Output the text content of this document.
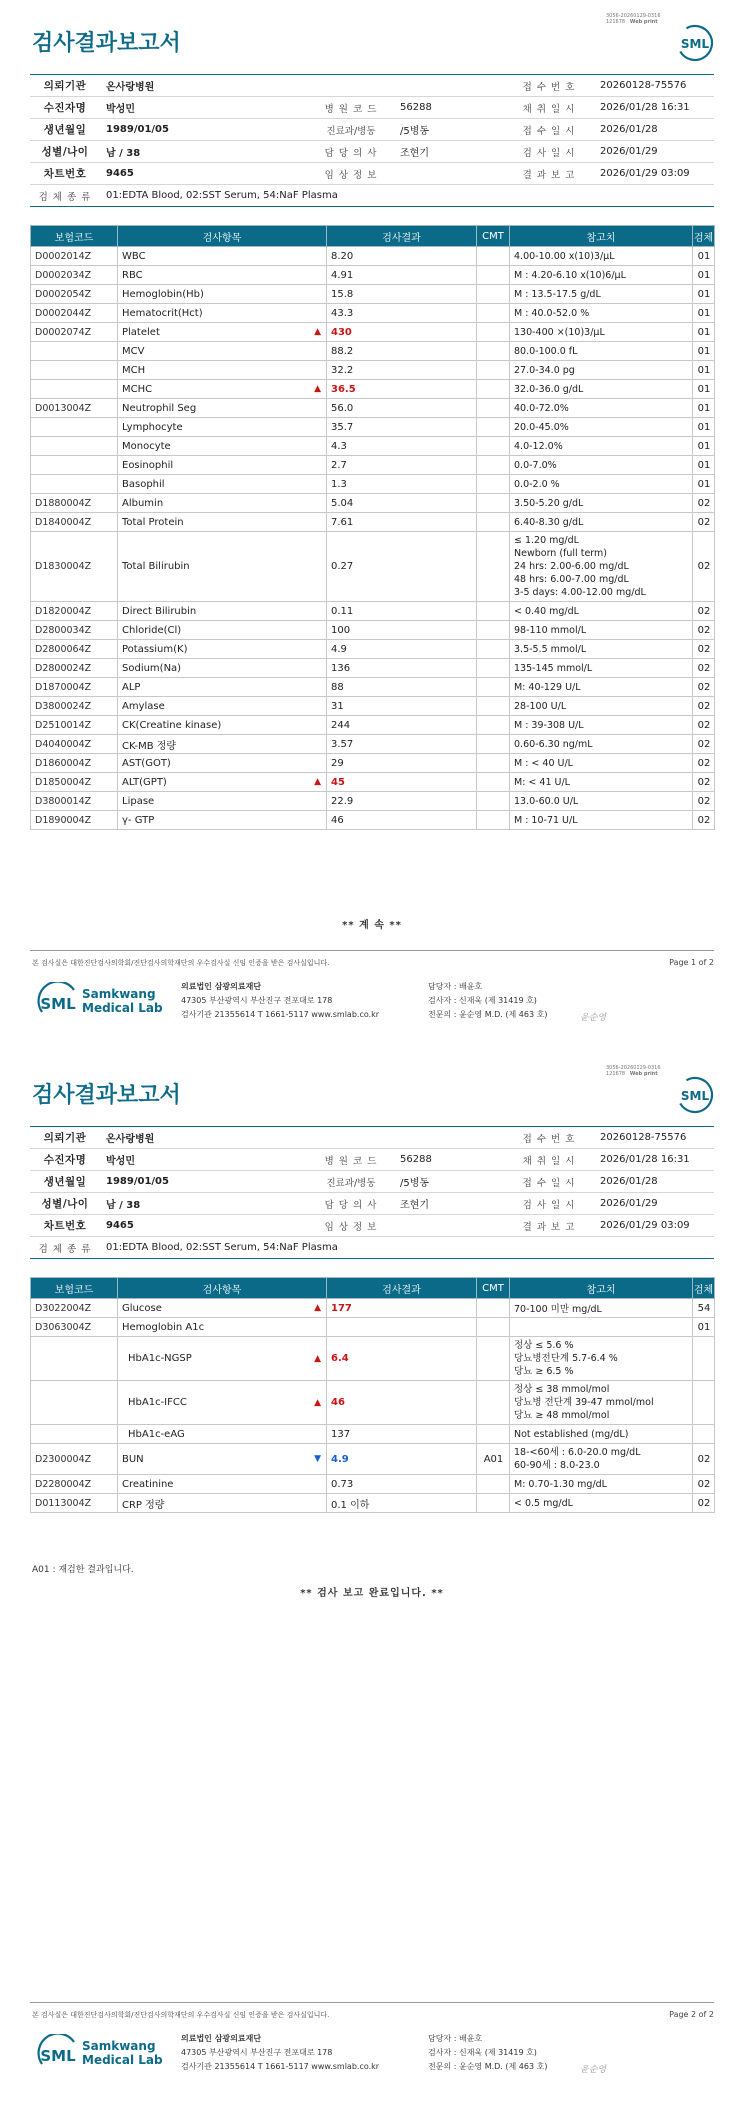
3056-20260129-0316
121678 Web print
검사결과보고서	SML
의뢰기관	온사랑병원			접 수 번 호	20260128-75576
수진자명	박성민	병 원 코 드	56288	채 취 일 시	2026/01/28 16:31
생년월일	1989/01/05	진료과/병동	/5병동	접 수 일 시	2026/01/28
성별/나이	남 / 38	담 당 의 사	조현기	검 사 일 시	2026/01/29
차트번호	9465	임 상 정 보		결 과 보 고	2026/01/29 03:09
검 체 종 류	01:EDTA Blood, 02:SST Serum, 54:NaF Plasma				
보험코드	검사항목	검사결과	CMT	참고치	검체
D0002014Z	WBC	8.20		4.00-10.00 x(10)3/μL	01
D0002034Z	RBC	4.91		M : 4.20-6.10 x(10)6/μL	01
D0002054Z	Hemoglobin(Hb)	15.8		M : 13.5-17.5 g/dL	01
D0002044Z	Hematocrit(Hct)	43.3		M : 40.0-52.0 %	01
D0002074Z	Platelet ▲	430		130-400 ×(10)3/μL	01
	MCV	88.2		80.0-100.0 fL	01
	MCH	32.2		27.0-34.0 pg	01
	MCHC ▲	36.5		32.0-36.0 g/dL	01
D0013004Z	Neutrophil Seg	56.0		40.0-72.0%	01
	Lymphocyte	35.7		20.0-45.0%	01
	Monocyte	4.3		4.0-12.0%	01
	Eosinophil	2.7		0.0-7.0%	01
	Basophil	1.3		0.0-2.0 %	01
D1880004Z	Albumin	5.04		3.50-5.20 g/dL	02
D1840004Z	Total Protein	7.61		6.40-8.30 g/dL	02
D1830004Z	Total Bilirubin	0.27		≤ 1.20 mg/dL
Newborn (full term)
24 hrs: 2.00-6.00 mg/dL
48 hrs: 6.00-7.00 mg/dL
3-5 days: 4.00-12.00 mg/dL	02
D1820004Z	Direct Bilirubin	0.11		< 0.40 mg/dL	02
D2800034Z	Chloride(Cl)	100		98-110 mmol/L	02
D2800064Z	Potassium(K)	4.9		3.5-5.5 mmol/L	02
D2800024Z	Sodium(Na)	136		135-145 mmol/L	02
D1870004Z	ALP	88		M: 40-129 U/L	02
D3800024Z	Amylase	31		28-100 U/L	02
D2510014Z	CK(Creatine kinase)	244		M : 39-308 U/L	02
D4040004Z	CK-MB 정량	3.57		0.60-6.30 ng/mL	02
D1860004Z	AST(GOT)	29		M : < 40 U/L	02
D1850004Z	ALT(GPT) ▲	45		M: < 41 U/L	02
D3800014Z	Lipase	22.9		13.0-60.0 U/L	02
D1890004Z	γ- GTP	46		M : 10-71 U/L	02
** 계 속 **
본 검사실은 대한진단검사의학회/진단검사의학재단의 우수검사실 신임 인증을 받은 검사실입니다.	Page 1 of 2
SML
Samkwang
Medical Lab
의료법인 삼광의료재단
47305 부산광역시 부산진구 전포대로 178
검사기관 21355614 T 1661-5117 www.smlab.co.kr
담당자 : 배윤호
검사자 : 신재욱 (제 31419 호)
전문의 : 윤순영 M.D. (제 463 호)	윤순영
3056-20260129-0316
121678 Web print
검사결과보고서	SML
의뢰기관	온사랑병원			접 수 번 호	20260128-75576
수진자명	박성민	병 원 코 드	56288	채 취 일 시	2026/01/28 16:31
생년월일	1989/01/05	진료과/병동	/5병동	접 수 일 시	2026/01/28
성별/나이	남 / 38	담 당 의 사	조현기	검 사 일 시	2026/01/29
차트번호	9465	임 상 정 보		결 과 보 고	2026/01/29 03:09
검 체 종 류	01:EDTA Blood, 02:SST Serum, 54:NaF Plasma				
보험코드	검사항목	검사결과	CMT	참고치	검체
D3022004Z	Glucose ▲	177		70-100 미만 mg/dL	54
D3063004Z	Hemoglobin A1c				01
	HbA1c-NGSP ▲	6.4		정상 ≤ 5.6 %
당뇨병전단계 5.7-6.4 %
당뇨 ≥ 6.5 %	
	HbA1c-IFCC ▲	46		정상 ≤ 38 mmol/mol
당뇨병 전단계 39-47 mmol/mol
당뇨 ≥ 48 mmol/mol	
	HbA1c-eAG	137		Not established (mg/dL)	
D2300004Z	BUN ▼	4.9	A01	18-<60세 : 6.0-20.0 mg/dL
60-90세 : 8.0-23.0	02
D2280004Z	Creatinine	0.73		M: 0.70-1.30 mg/dL	02
D0113004Z	CRP 정량	0.1 이하		< 0.5 mg/dL	02
A01 : 재검한 결과입니다.
** 검사 보고 완료입니다. **
본 검사실은 대한진단검사의학회/진단검사의학재단의 우수검사실 신임 인증을 받은 검사실입니다.	Page 2 of 2
SML
Samkwang
Medical Lab
의료법인 삼광의료재단
47305 부산광역시 부산진구 전포대로 178
검사기관 21355614 T 1661-5117 www.smlab.co.kr
담당자 : 배윤호
검사자 : 신재욱 (제 31419 호)
전문의 : 윤순영 M.D. (제 463 호)	윤순영
